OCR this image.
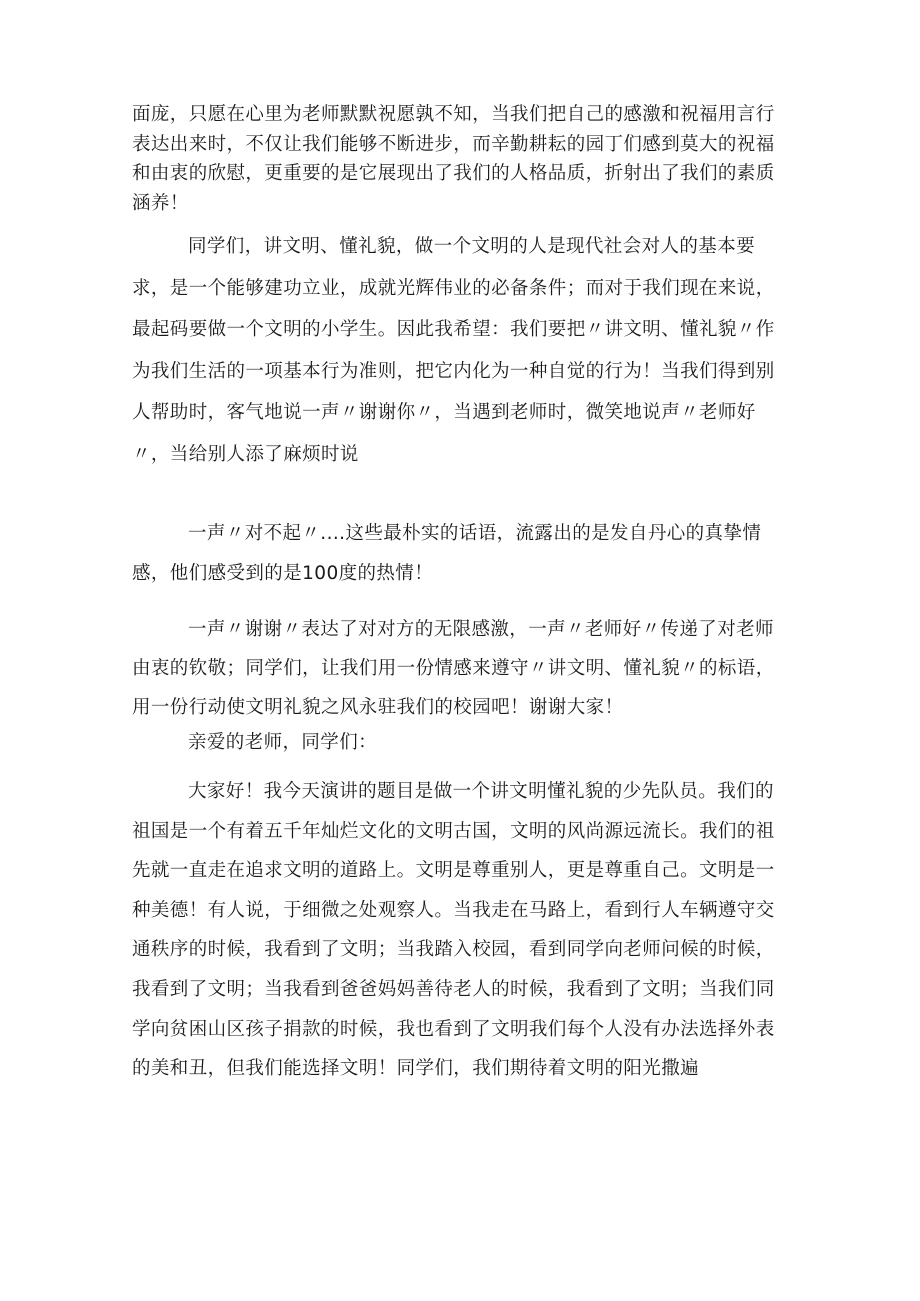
面庞，只愿在心里为老师默默祝愿孰不知，当我们把自己的感激和祝福用言行表达出来时，不仅让我们能够不断进步，而辛勤耕耘的园丁们感到莫大的祝福和由衷的欣慰，更重要的是它展现出了我们的人格品质，折射出了我们的素质涵养！

同学们，讲文明、懂礼貌，做一个文明的人是现代社会对人的基本要求，是一个能够建功立业，成就光辉伟业的必备条件；而对于我们现在来说，最起码要做一个文明的小学生。因此我希望：我们要把〃讲文明、懂礼貌〃作为我们生活的一项基本行为准则，把它内化为一种自觉的行为！当我们得到别人帮助时，客气地说一声〃谢谢你〃，当遇到老师时，微笑地说声〃老师好〃，当给别人添了麻烦时说

一声〃对不起〃....这些最朴实的话语，流露出的是发自丹心的真挚情感，他们感受到的是100度的热情！

一声〃谢谢〃表达了对对方的无限感激，一声〃老师好〃传递了对老师由衷的钦敬；同学们，让我们用一份情感来遵守〃讲文明、懂礼貌〃的标语，用一份行动使文明礼貌之风永驻我们的校园吧！谢谢大家！

亲爱的老师，同学们：

大家好！我今天演讲的题目是做一个讲文明懂礼貌的少先队员。我们的祖国是一个有着五千年灿烂文化的文明古国，文明的风尚源远流长。我们的祖先就一直走在追求文明的道路上。文明是尊重别人，更是尊重自己。文明是一种美德！有人说，于细微之处观察人。当我走在马路上，看到行人车辆遵守交通秩序的时候，我看到了文明；当我踏入校园，看到同学向老师问候的时候，我看到了文明；当我看到爸爸妈妈善待老人的时候，我看到了文明；当我们同学向贫困山区孩子捐款的时候，我也看到了文明我们每个人没有办法选择外表的美和丑，但我们能选择文明！同学们，我们期待着文明的阳光撒遍
